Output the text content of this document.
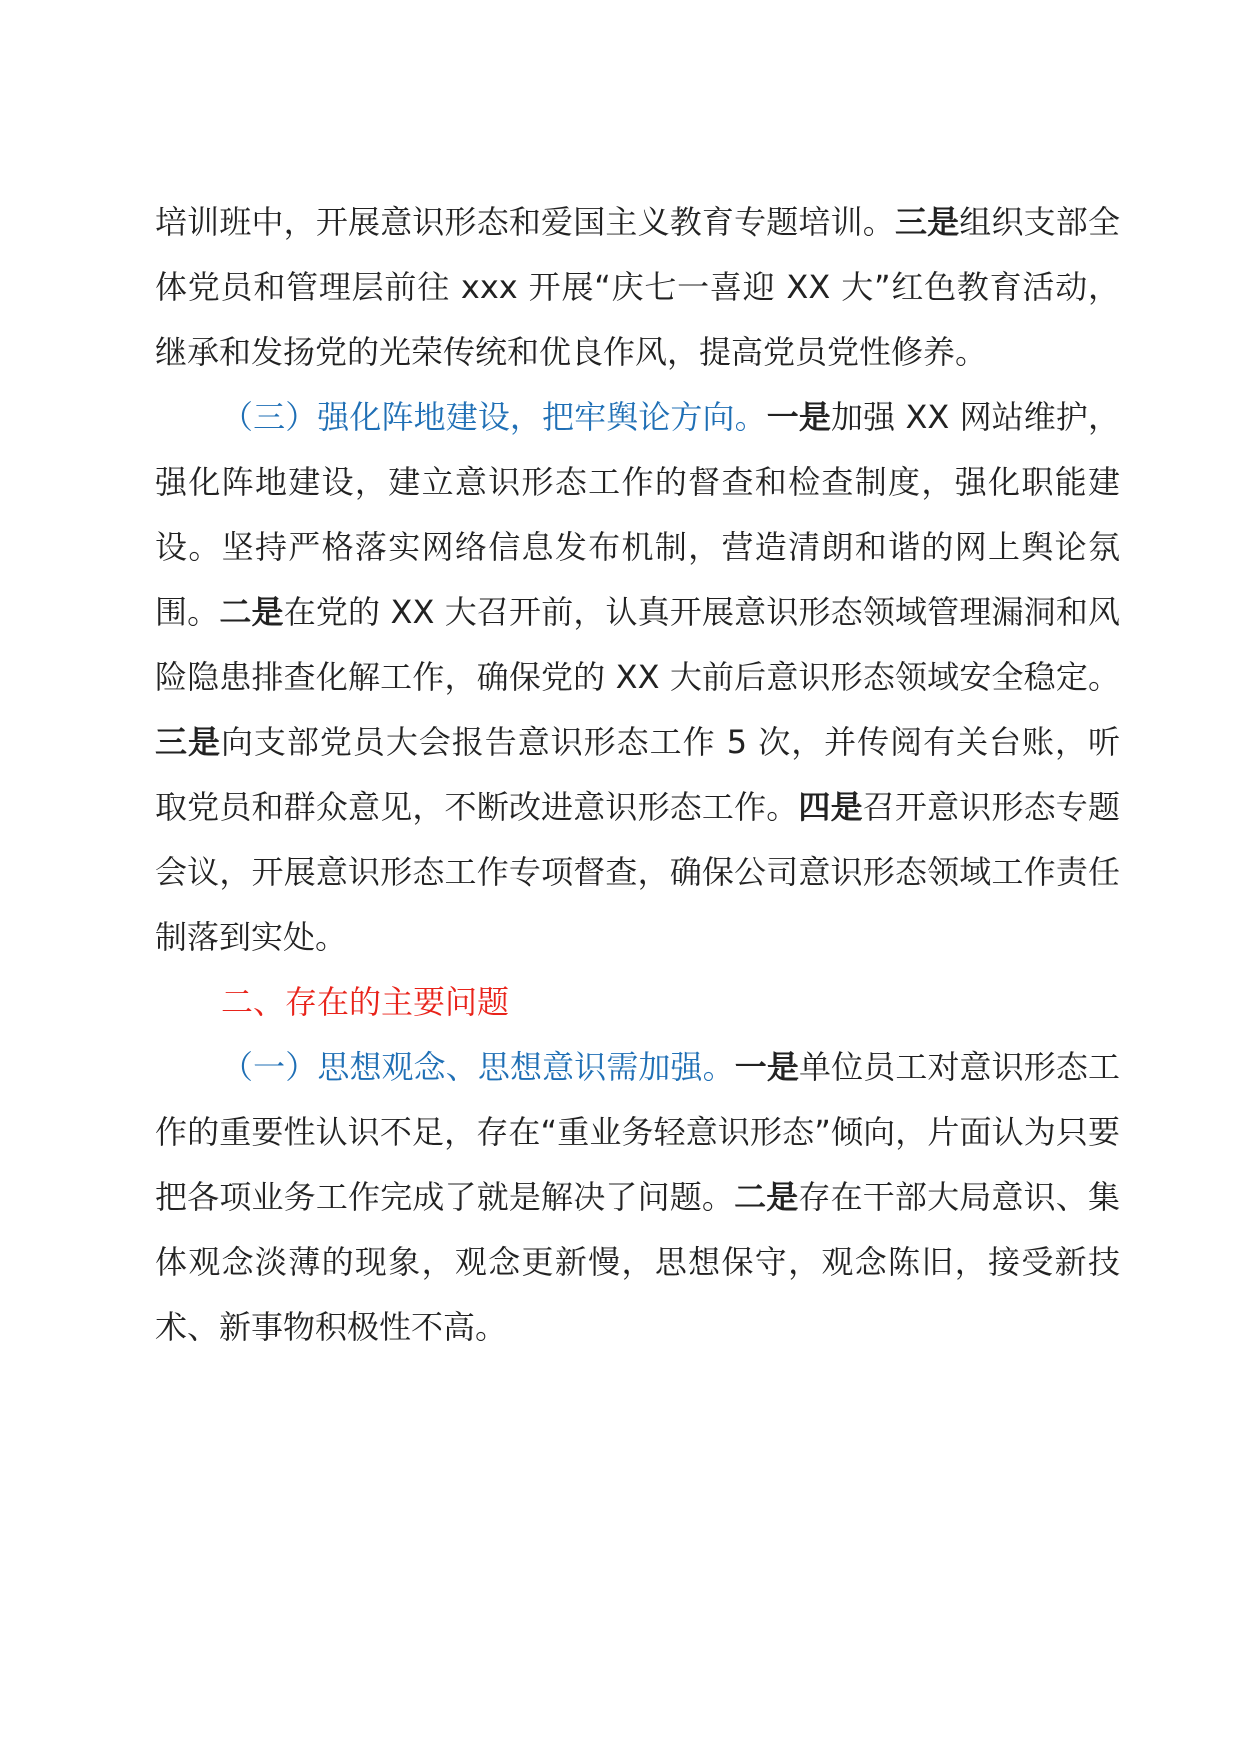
培训班中，开展意识形态和爱国主义教育专题培训。三是组织支部全体党员和管理层前往 xxx 开展“庆七一喜迎 XX 大”红色教育活动，继承和发扬党的光荣传统和优良作风，提高党员党性修养。

（三）强化阵地建设，把牢舆论方向。一是加强 XX 网站维护，强化阵地建设，建立意识形态工作的督查和检查制度，强化职能建设。坚持严格落实网络信息发布机制，营造清朗和谐的网上舆论氛围。二是在党的 XX 大召开前，认真开展意识形态领域管理漏洞和风险隐患排查化解工作，确保党的 XX 大前后意识形态领域安全稳定。三是向支部党员大会报告意识形态工作 5 次，并传阅有关台账，听取党员和群众意见，不断改进意识形态工作。四是召开意识形态专题会议，开展意识形态工作专项督查，确保公司意识形态领域工作责任制落到实处。

二、存在的主要问题

（一）思想观念、思想意识需加强。一是单位员工对意识形态工作的重要性认识不足，存在“重业务轻意识形态”倾向，片面认为只要把各项业务工作完成了就是解决了问题。二是存在干部大局意识、集体观念淡薄的现象，观念更新慢，思想保守，观念陈旧，接受新技术、新事物积极性不高。
